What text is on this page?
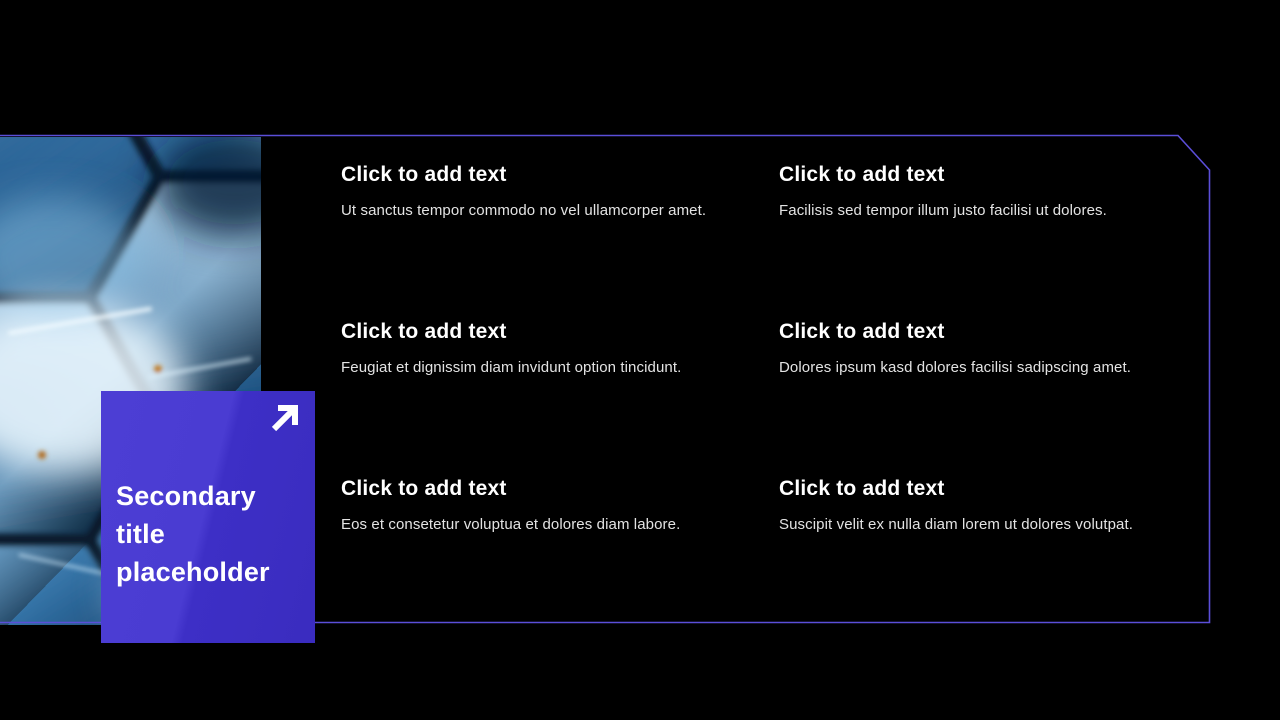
Secondary title placeholder
Click to add text

Ut sanctus tempor commodo no vel ullamcorper amet.

Click to add text

Facilisis sed tempor illum justo facilisi ut dolores.

Click to add text

Feugiat et dignissim diam invidunt option tincidunt.

Click to add text

Dolores ipsum kasd dolores facilisi sadipscing amet.

Click to add text

Eos et consetetur voluptua et dolores diam labore.

Click to add text

Suscipit velit ex nulla diam lorem ut dolores volutpat.
